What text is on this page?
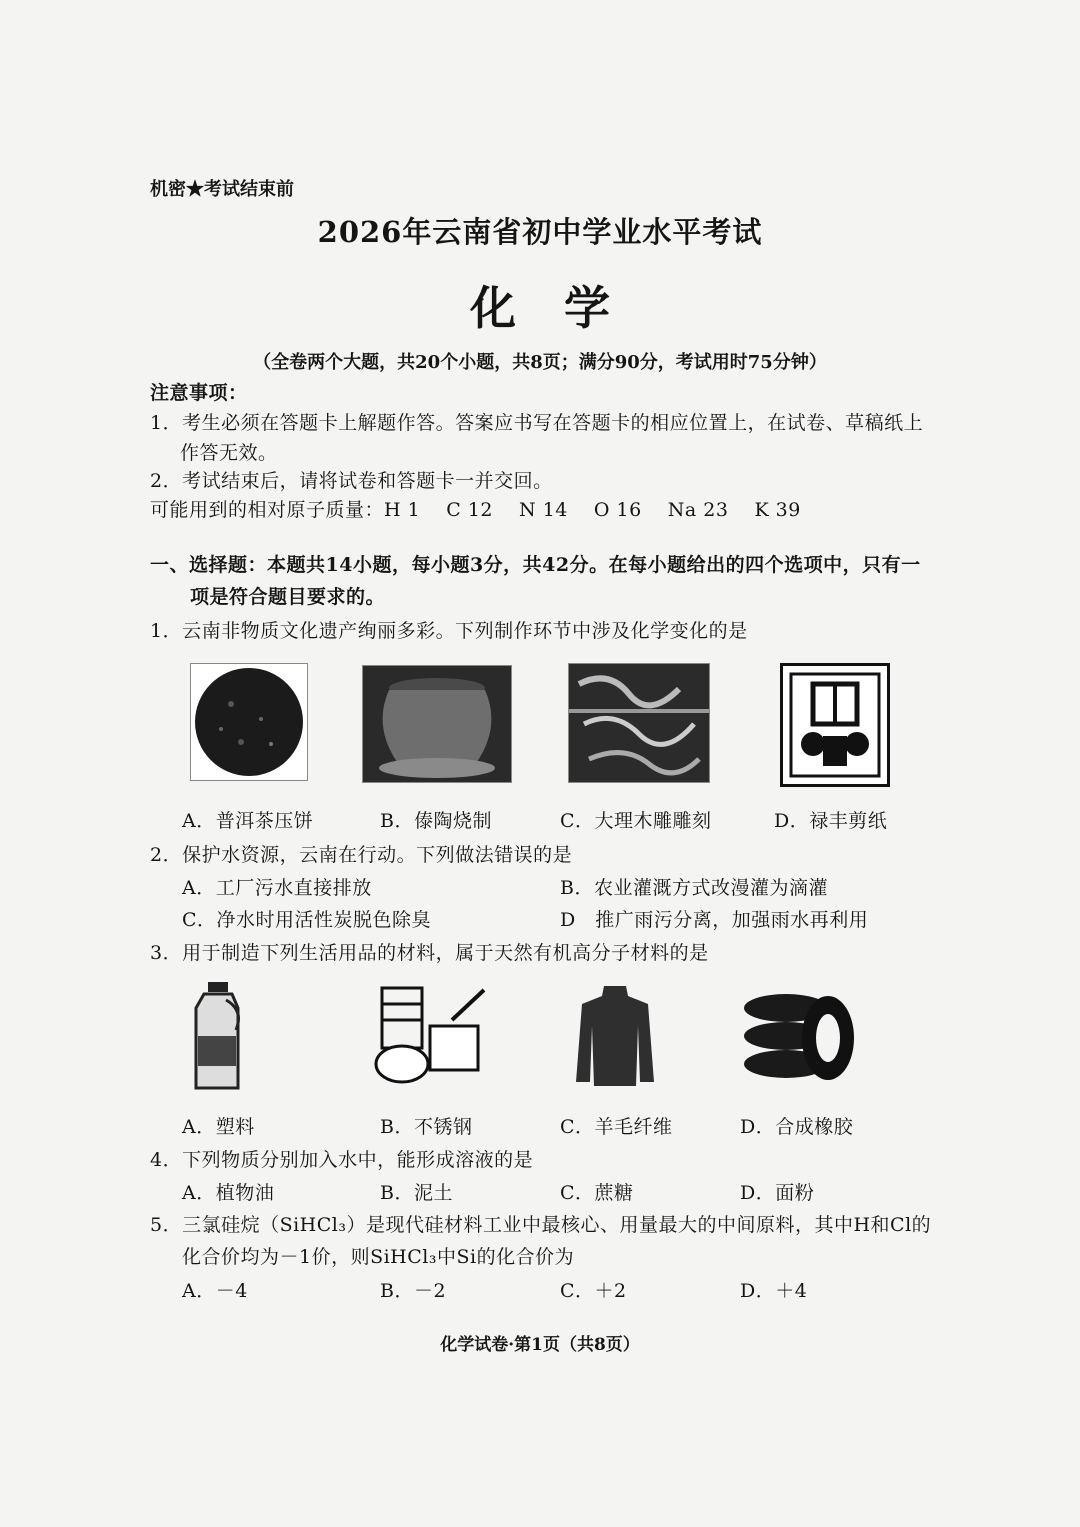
机密★考试结束前
2026年云南省初中学业水平考试
化学
（全卷两个大题，共20个小题，共8页；满分90分，考试用时75分钟）
注意事项：
1．考生必须在答题卡上解题作答。答案应书写在答题卡的相应位置上，在试卷、草稿纸上
作答无效。
2．考试结束后，请将试卷和答题卡一并交回。
可能用到的相对原子质量：H 1　 C 12　 N 14　 O 16　 Na 23　 K 39
一、选择题：本题共14小题，每小题3分，共42分。在每小题给出的四个选项中，只有一
项是符合题目要求的。
1．云南非物质文化遗产绚丽多彩。下列制作环节中涉及化学变化的是
A．普洱茶压饼	B．傣陶烧制	C．大理木雕雕刻	D．禄丰剪纸
2．保护水资源，云南在行动。下列做法错误的是
A．工厂污水直接排放	B．农业灌溉方式改漫灌为滴灌
C．净水时用活性炭脱色除臭	D　推广雨污分离，加强雨水再利用
3．用于制造下列生活用品的材料，属于天然有机高分子材料的是
A．塑料	B．不锈钢	C．羊毛纤维	D．合成橡胶
4．下列物质分别加入水中，能形成溶液的是
A．植物油	B．泥土	C．蔗糖	D．面粉
5．三氯硅烷（SiHCl₃）是现代硅材料工业中最核心、用量最大的中间原料，其中H和Cl的
化合价均为－1价，则SiHCl₃中Si的化合价为
A．－4	B．－2	C．＋2	D．＋4
化学试卷·第1页（共8页）
